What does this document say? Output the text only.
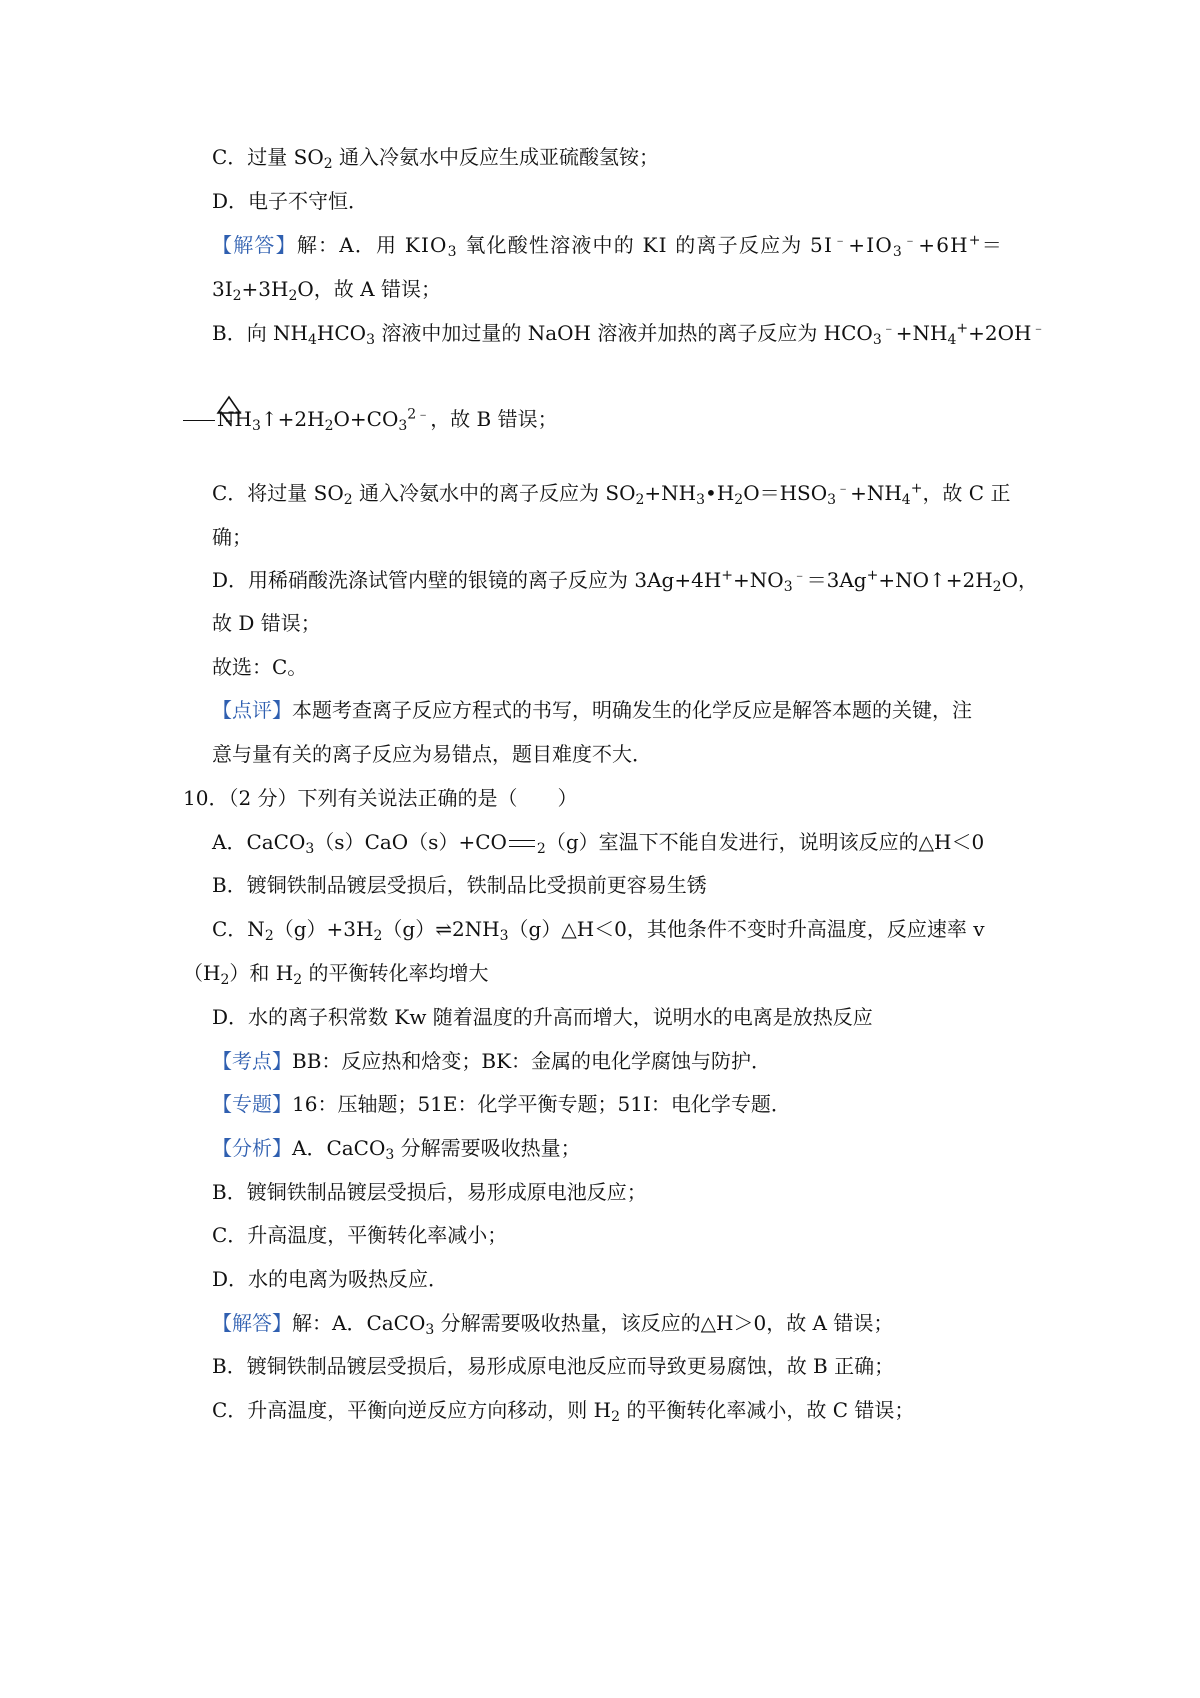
C．过量 $SO_2$ 通入冷氨水中反应生成亚硫酸氢铵；

D．电子不守恒．

【解答】解：A．用 $KIO_3$ 氧化酸性溶液中的 KI 的离子反应为 $5I^﹣+IO_3^﹣+6H^+=$

$3I_2+3H_2O$，故 A 错误；

B．向 $NH_4HCO_3$ 溶液中加过量的 NaOH 溶液并加热的离子反应为 $HCO_3^﹣+NH_4^++2OH^﹣$

$NH_3↑+2H_2O+CO_3^{2﹣}$，故 B 错误；

C．将过量 $SO_2$ 通入冷氨水中的离子反应为 $SO_2+NH_3•H_2O=HSO_3^﹣+NH_4^+$，故 C 正

确；

D．用稀硝酸洗涤试管内壁的银镜的离子反应为 $3Ag+4H^++NO_3^﹣=3Ag^++NO↑+2H_2O$，

故 D 错误；

故选：C。

【点评】本题考查离子反应方程式的书写，明确发生的化学反应是解答本题的关键，注

意与量有关的离子反应为易错点，题目难度不大．

10．（2 分）下列有关说法正确的是（　　）

A．CaCO$_3$（s）CaO（s）+CO $_2$（g）室温下不能自发进行，说明该反应的△H＜0

B．镀铜铁制品镀层受损后，铁制品比受损前更容易生锈

C．$N_2(g)+3H_2(g)\rightleftharpoons 2NH_3(g)\triangle H<0$，其他条件不变时升高温度，反应速率 v

$(H_2)$和 $H_2$ 的平衡转化率均增大

D．水的离子积常数 Kw 随着温度的升高而增大，说明水的电离是放热反应

【考点】BB：反应热和焓变；BK：金属的电化学腐蚀与防护．

【专题】16：压轴题；51E：化学平衡专题；51I：电化学专题．

【分析】A．CaCO$_3$ 分解需要吸收热量；

B．镀铜铁制品镀层受损后，易形成原电池反应；

C．升高温度，平衡转化率减小；

D．水的电离为吸热反应．

【解答】解：A．CaCO$_3$ 分解需要吸收热量，该反应的△H＞0，故 A 错误；

B．镀铜铁制品镀层受损后，易形成原电池反应而导致更易腐蚀，故 B 正确；

C．升高温度，平衡向逆反应方向移动，则 $H_2$ 的平衡转化率减小，故 C 错误；
